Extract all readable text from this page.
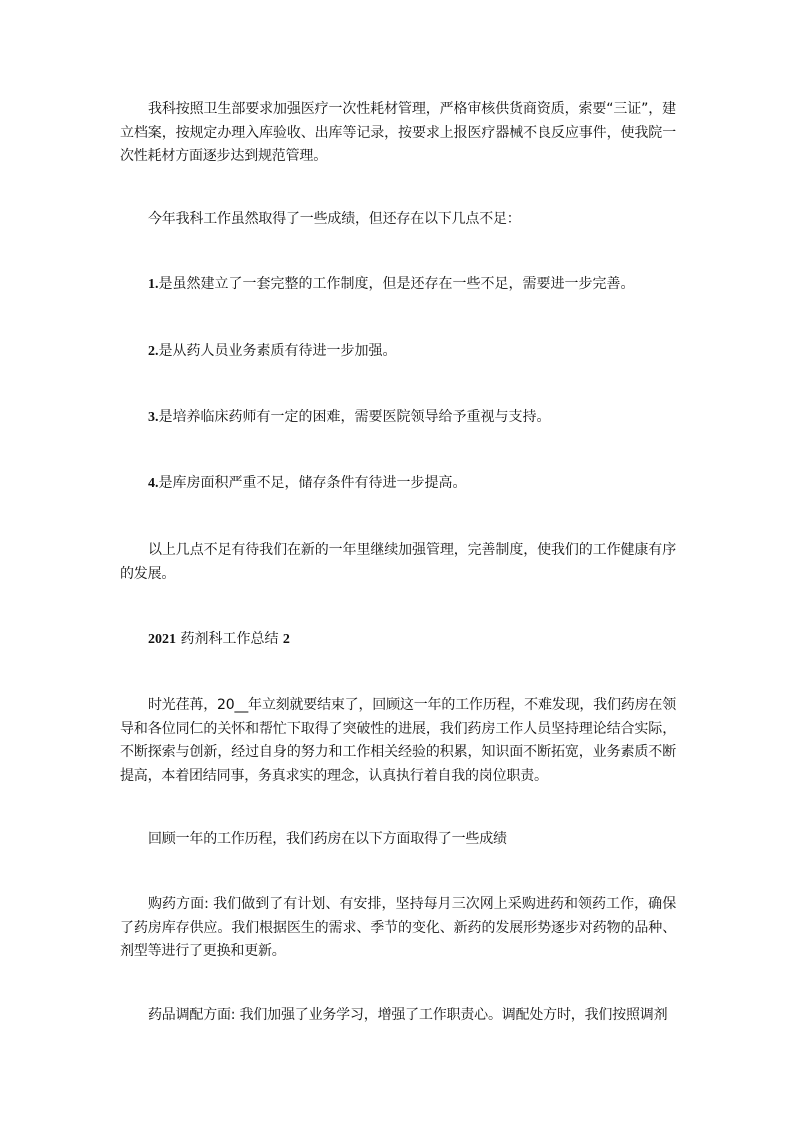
我科按照卫生部要求加强医疗一次性耗材管理，严格审核供货商资质，索要“三证”，建立档案，按规定办理入库验收、出库等记录，按要求上报医疗器械不良反应事件，使我院一次性耗材方面逐步达到规范管理。

今年我科工作虽然取得了一些成绩，但还存在以下几点不足：

1.是虽然建立了一套完整的工作制度，但是还存在一些不足，需要进一步完善。

2.是从药人员业务素质有待进一步加强。

3.是培养临床药师有一定的困难，需要医院领导给予重视与支持。

4.是库房面积严重不足，储存条件有待进一步提高。

以上几点不足有待我们在新的一年里继续加强管理，完善制度，使我们的工作健康有序的发展。

2021 药剂科工作总结 2

时光荏苒，20__年立刻就要结束了，回顾这一年的工作历程，不难发现，我们药房在领导和各位同仁的关怀和帮忙下取得了突破性的进展，我们药房工作人员坚持理论结合实际，不断探索与创新，经过自身的努力和工作相关经验的积累，知识面不断拓宽，业务素质不断提高，本着团结同事，务真求实的理念，认真执行着自我的岗位职责。

回顾一年的工作历程，我们药房在以下方面取得了一些成绩

购药方面: 我们做到了有计划、有安排，坚持每月三次网上采购进药和领药工作，确保了药房库存供应。我们根据医生的需求、季节的变化、新药的发展形势逐步对药物的品种、剂型等进行了更换和更新。

药品调配方面: 我们加强了业务学习，增强了工作职责心。调配处方时，我们按照调剂
